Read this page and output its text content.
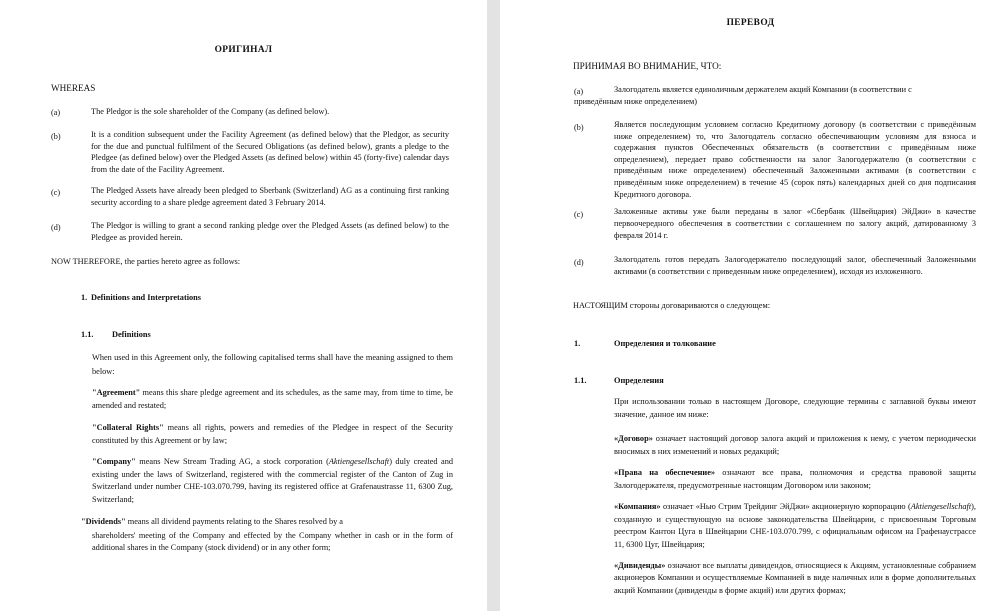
ОРИГИНАЛ
WHEREAS
(a)	The Pledgor is the sole shareholder of the Company (as defined below).
(b)	It is a condition subsequent under the Facility Agreement (as defined below) that the Pledgor, as security for the due and punctual fulfilment of the Secured Obligations (as defined below), grants a pledge to the Pledgee (as defined below) over the Pledged Assets (as defined below) within 45 (forty-five) calendar days from the date of the Facility Agreement.
(c)	The Pledged Assets have already been pledged to Sberbank (Switzerland) AG as a continuing first ranking security according to a share pledge agreement dated 3 February 2014.
(d)	The Pledgor is willing to grant a second ranking pledge over the Pledged Assets (as defined below) to the Pledgee as provided herein.
NOW THEREFORE, the parties hereto agree as follows:
1. Definitions and Interpretations
1.1. Definitions
When used in this Agreement only, the following capitalised terms shall have the meaning assigned to them below:
"Agreement" means this share pledge agreement and its schedules, as the same may, from time to time, be amended and restated;
"Collateral Rights" means all rights, powers and remedies of the Pledgee in respect of the Security constituted by this Agreement or by law;
"Company" means New Stream Trading AG, a stock corporation (Aktiengesellschaft) duly created and existing under the laws of Switzerland, registered with the commercial register of the Canton of Zug in Switzerland under number CHE-103.070.799, having its registered office at Grafenaustrasse 11, 6300 Zug, Switzerland;
"Dividends" means all dividend payments relating to the Shares resolved by a
shareholders' meeting of the Company and effected by the Company whether in cash or in the form of additional shares in the Company (stock dividend) or in any other form;
ПЕРЕВОД
ПРИНИМАЯ ВО ВНИМАНИЕ, ЧТО:
(a)	Залогодатель является единоличным держателем акций Компании (в соответствии с
приведённым ниже определением)
(b)	Является последующим условием согласно Кредитному договору (в соответствии с приведённым ниже определением) то, что Залогодатель согласно обеспечивающим условиям для взноса и содержания пунктов Обеспеченных обязательств (в соответствии с приведённым ниже определением), передает право собственности на залог Залогодержателю (в соответствии с приведённым ниже определением) обеспеченный Заложенными активами (в соответствии с приведённым ниже определением) в течение 45 (сорок пять) календарных дней со дня подписания Кредитного договора.
(c)	Заложенные активы уже были переданы в залог «Сбербанк (Швейцария) ЭйДжи» в качестве первоочередного обеспечения в соответствии с соглашением по залогу акций, датированному 3 февраля 2014 г.
(d)	Залогодатель готов передать Залогодержателю последующий залог, обеспеченный Заложенными активами (в соответствии с приведенным ниже определением), исходя из изложенного.
НАСТОЯЩИМ стороны договариваются о следующем:
1.	Определения и толкование
1.1.	Определения
При использовании только в настоящем Договоре, следующие термины с заглавной буквы имеют значение, данное им ниже:
«Договор» означает настоящий договор залога акций и приложения к нему, с учетом периодически вносимых в них изменений и новых редакций;
«Права на обеспечение» означают все права, полномочия и средства правовой защиты Залогодержателя, предусмотренные настоящим Договором или законом;
«Компания» означает «Нью Стрим Трейдинг ЭйДжи» акционерную корпорацию (Aktiengesellschaft), созданную и существующую на основе законодательства Швейцарии, с присвоенным Торговым реестром Кантон Цуга в Швейцарии CHE-103.070.799, с официальным офисом на Графенаустрассе 11, 6300 Цуг, Швейцария;
«Дивиденды» означают все выплаты дивидендов, относящиеся к Акциям, установленные собранием акционеров Компании и осуществляемые Компанией в виде наличных или в форме дополнительных акций Компании (дивиденды в форме акций) или других формах;
